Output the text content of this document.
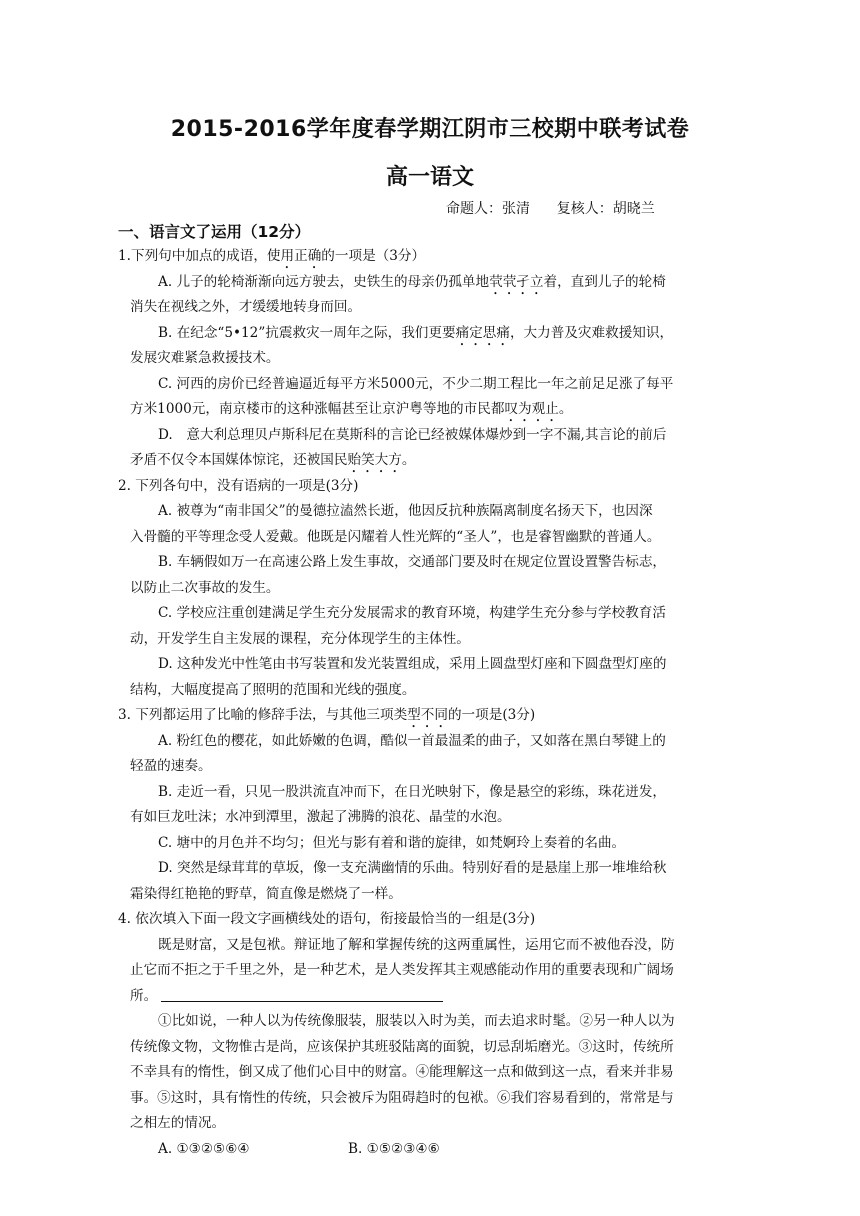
2015-2016学年度春学期江阴市三校期中联考试卷
高一语文
命题人：张清 复核人：胡晓兰
一、语言文了运用（12分）
1.下列句中加点的成语，使用正确的一项是（3分）
A. 儿子的轮椅渐渐向远方驶去，史铁生的母亲仍孤单地茕茕孑立着，直到儿子的轮椅
消失在视线之外，才缓缓地转身而回。
B. 在纪念“5•12”抗震救灾一周年之际，我们更要痛定思痛，大力普及灾难救援知识，
发展灾难紧急救援技术。
C. 河西的房价已经普遍逼近每平方米5000元，不少二期工程比一年之前足足涨了每平
方米1000元，南京楼市的这种涨幅甚至让京沪粤等地的市民都叹为观止。
D.　意大利总理贝卢斯科尼在莫斯科的言论已经被媒体爆炒到一字不漏,其言论的前后
矛盾不仅令本国媒体惊诧，还被国民贻笑大方。
2. 下列各句中，没有语病的一项是(3分)
A. 被尊为“南非国父”的曼德拉溘然长逝，他因反抗种族隔离制度名扬天下，也因深
入骨髓的平等理念受人爱戴。他既是闪耀着人性光辉的“圣人”，也是睿智幽默的普通人。
B. 车辆假如万一在高速公路上发生事故，交通部门要及时在规定位置设置警告标志，
以防止二次事故的发生。
C. 学校应注重创建满足学生充分发展需求的教育环境，构建学生充分参与学校教育活
动，开发学生自主发展的课程，充分体现学生的主体性。
D. 这种发光中性笔由书写装置和发光装置组成，采用上圆盘型灯座和下圆盘型灯座的
结构，大幅度提高了照明的范围和光线的强度。
3. 下列都运用了比喻的修辞手法，与其他三项类型不同的一项是(3分)
A. 粉红色的樱花，如此娇嫩的色调，酷似一首最温柔的曲子，又如落在黑白琴键上的
轻盈的速奏。
B. 走近一看，只见一股洪流直冲而下，在日光映射下，像是悬空的彩练，珠花迸发，
有如巨龙吐沫；水冲到潭里，激起了沸腾的浪花、晶莹的水泡。
C. 塘中的月色并不均匀；但光与影有着和谐的旋律，如梵婀玲上奏着的名曲。
D. 突然是绿茸茸的草坂，像一支充满幽情的乐曲。特别好看的是悬崖上那一堆堆给秋
霜染得红艳艳的野草，简直像是燃烧了一样。
4. 依次填入下面一段文字画横线处的语句，衔接最恰当的一组是(3分)
既是财富，又是包袱。辩证地了解和掌握传统的这两重属性，运用它而不被他吞没，防
止它而不拒之于千里之外，是一种艺术，是人类发挥其主观感能动作用的重要表现和广阔场
所。
①比如说，一种人以为传统像服装，服装以入时为美，而去追求时髦。②另一种人以为
传统像文物，文物惟古是尚，应该保护其班驳陆离的面貌，切忌刮垢磨光。③这时，传统所
不幸具有的惰性，倒又成了他们心目中的财富。④能理解这一点和做到这一点，看来并非易
事。⑤这时，具有惰性的传统，只会被斥为阻碍趋时的包袱。⑥我们容易看到的，常常是与
之相左的情况。
A. ①③②⑤⑥④	B. ①⑤②③④⑥
